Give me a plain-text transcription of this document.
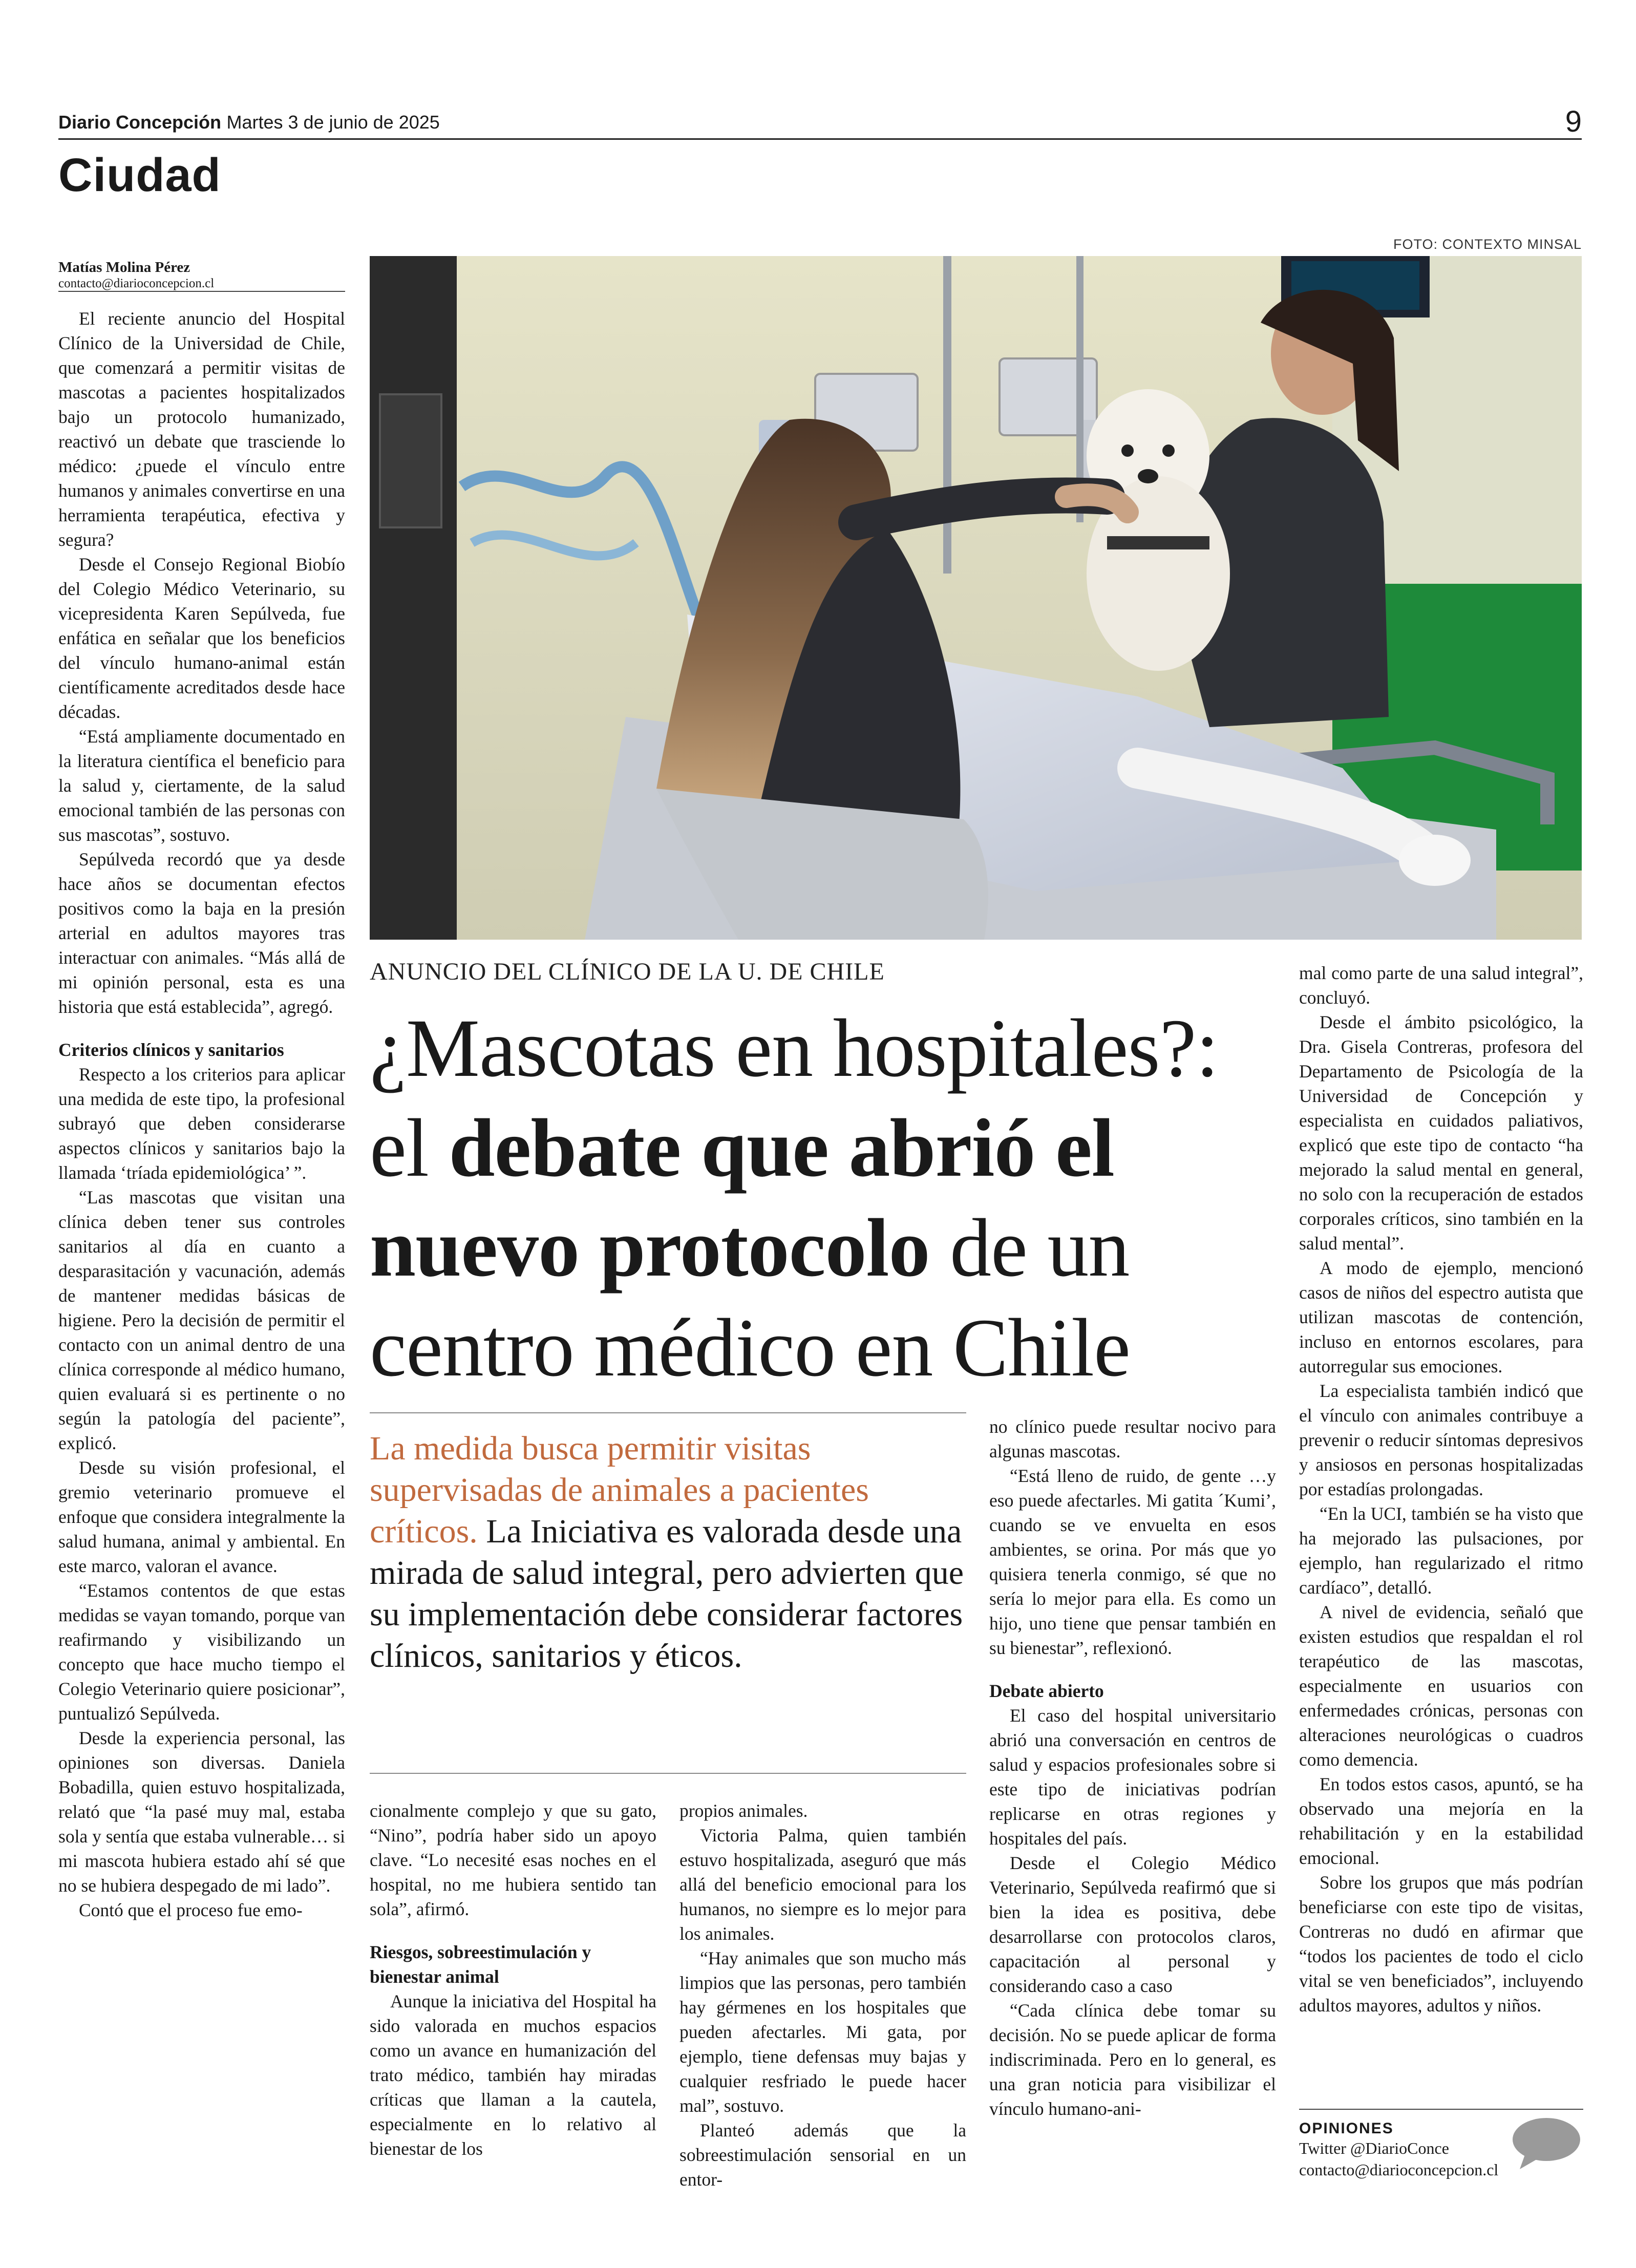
Diario Concepción Martes 3 de junio de 2025	9
Ciudad
FOTO: CONTEXTO MINSAL
Matías Molina Pérez
contacto@diarioconcepcion.cl

El reciente anuncio del Hospital Clínico de la Universidad de Chile, que comenzará a permitir visitas de mascotas a pacientes hospitalizados bajo un protocolo humanizado, reactivó un debate que trasciende lo médico: ¿puede el vínculo entre humanos y animales convertirse en una herramienta terapéutica, efectiva y segura?

Desde el Consejo Regional Biobío del Colegio Médico Veterinario, su vicepresidenta Karen Sepúlveda, fue enfática en señalar que los beneficios del vínculo humano-animal están científicamente acreditados desde hace décadas.

“Está ampliamente documentado en la literatura científica el beneficio para la salud y, ciertamente, de la salud emocional también de las personas con sus mascotas”, sostuvo.

Sepúlveda recordó que ya desde hace años se documentan efectos positivos como la baja en la presión arterial en adultos mayores tras interactuar con animales. “Más allá de mi opinión personal, esta es una historia que está establecida”, agregó.

Criterios clínicos y sanitarios

Respecto a los criterios para aplicar una medida de este tipo, la profesional subrayó que deben considerarse aspectos clínicos y sanitarios bajo la llamada ‘tríada epidemiológica’ ”.

“Las mascotas que visitan una clínica deben tener sus controles sanitarios al día en cuanto a desparasitación y vacunación, además de mantener medidas básicas de higiene. Pero la decisión de permitir el contacto con un animal dentro de una clínica corresponde al médico humano, quien evaluará si es pertinente o no según la patología del paciente”, explicó.

Desde su visión profesional, el gremio veterinario promueve el enfoque que considera integralmente la salud humana, animal y ambiental. En este marco, valoran el avance.

“Estamos contentos de que estas medidas se vayan tomando, porque van reafirmando y visibilizando un concepto que hace mucho tiempo el Colegio Veterinario quiere posicionar”, puntualizó Sepúlveda.

Desde la experiencia personal, las opiniones son diversas. Daniela Bobadilla, quien estuvo hospitalizada, relató que “la pasé muy mal, estaba sola y sentía que estaba vulnerable… si mi mascota hubiera estado ahí sé que no se hubiera despegado de mi lado”.

Contó que el proceso fue emo-

ANUNCIO DEL CLÍNICO DE LA U. DE CHILE
¿Mascotas en hospitales?: el debate que abrió el nuevo protocolo de un centro médico en Chile
La medida busca permitir visitas supervisadas de animales a pacientes críticos. La Iniciativa es valorada desde una mirada de salud integral, pero advierten que su implementación debe considerar factores clínicos, sanitarios y éticos.

cionalmente complejo y que su gato, “Nino”, podría haber sido un apoyo clave. “Lo necesité esas noches en el hospital, no me hubiera sentido tan sola”, afirmó.

Riesgos, sobreestimulación y bienestar animal

Aunque la iniciativa del Hospital ha sido valorada en muchos espacios como un avance en humanización del trato médico, también hay miradas críticas que llaman a la cautela, especialmente en lo relativo al bienestar de los

propios animales.

Victoria Palma, quien también estuvo hospitalizada, aseguró que más allá del beneficio emocional para los humanos, no siempre es lo mejor para los animales.

“Hay animales que son mucho más limpios que las personas, pero también hay gérmenes en los hospitales que pueden afectarles. Mi gata, por ejemplo, tiene defensas muy bajas y cualquier resfriado le puede hacer mal”, sostuvo.

Planteó además que la sobreestimulación sensorial en un entor-

no clínico puede resultar nocivo para algunas mascotas.

“Está lleno de ruido, de gente …y eso puede afectarles. Mi gatita ´Kumi’, cuando se ve envuelta en esos ambientes, se orina. Por más que yo quisiera tenerla conmigo, sé que no sería lo mejor para ella. Es como un hijo, uno tiene que pensar también en su bienestar”, reflexionó.

Debate abierto

El caso del hospital universitario abrió una conversación en centros de salud y espacios profesionales sobre si este tipo de iniciativas podrían replicarse en otras regiones y hospitales del país.

Desde el Colegio Médico Veterinario, Sepúlveda reafirmó que si bien la idea es positiva, debe desarrollarse con protocolos claros, capacitación al personal y considerando caso a caso

“Cada clínica debe tomar su decisión. No se puede aplicar de forma indiscriminada. Pero en lo general, es una gran noticia para visibilizar el vínculo humano-ani-

mal como parte de una salud integral”, concluyó.

Desde el ámbito psicológico, la Dra. Gisela Contreras, profesora del Departamento de Psicología de la Universidad de Concepción y especialista en cuidados paliativos, explicó que este tipo de contacto “ha mejorado la salud mental en general, no solo con la recuperación de estados corporales críticos, sino también en la salud mental”.

A modo de ejemplo, mencionó casos de niños del espectro autista que utilizan mascotas de contención, incluso en entornos escolares, para autorregular sus emociones.

La especialista también indicó que el vínculo con animales contribuye a prevenir o reducir síntomas depresivos y ansiosos en personas hospitalizadas por estadías prolongadas.

“En la UCI, también se ha visto que ha mejorado las pulsaciones, por ejemplo, han regularizado el ritmo cardíaco”, detalló.

A nivel de evidencia, señaló que existen estudios que respaldan el rol terapéutico de las mascotas, especialmente en usuarios con enfermedades crónicas, personas con alteraciones neurológicas o cuadros como demencia.

En todos estos casos, apuntó, se ha observado una mejoría en la rehabilitación y en la estabilidad emocional.

Sobre los grupos que más podrían beneficiarse con este tipo de visitas, Contreras no dudó en afirmar que “todos los pacientes de todo el ciclo vital se ven beneficiados”, incluyendo adultos mayores, adultos y niños.

OPINIONES
Twitter @DiarioConce
contacto@diarioconcepcion.cl
